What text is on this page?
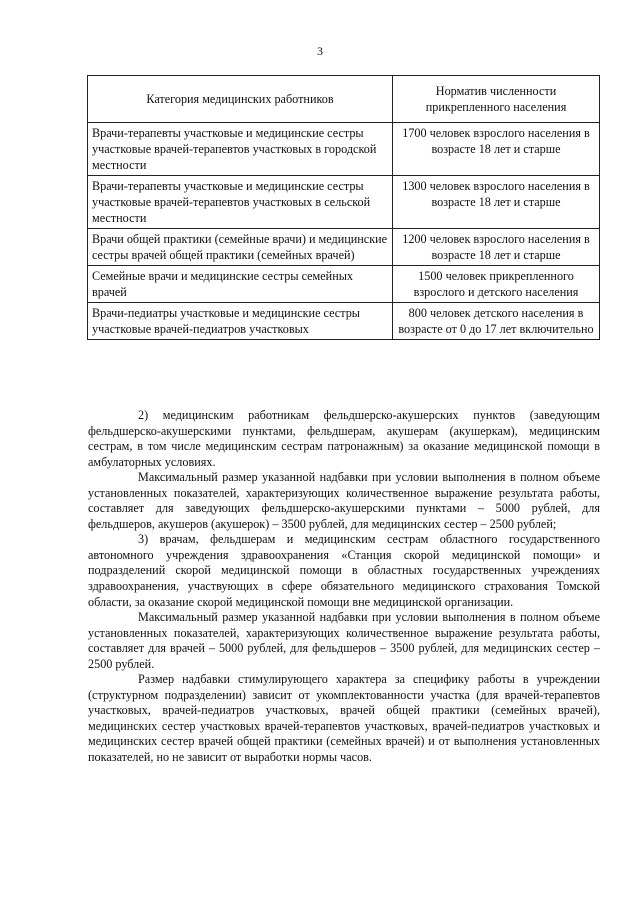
3
Категория медицинских работников	Норматив численности прикрепленного населения
Врачи-терапевты участковые и медицинские сестры участковые врачей-терапевтов участковых в городской местности	1700 человек взрослого населения в возрасте 18 лет и старше
Врачи-терапевты участковые и медицинские сестры участковые врачей-терапевтов участковых в сельской местности	1300 человек взрослого населения в возрасте 18 лет и старше
Врачи общей практики (семейные врачи) и медицинские сестры врачей общей практики (семейных врачей)	1200 человек взрослого населения в возрасте 18 лет и старше
Семейные врачи и медицинские сестры семейных врачей	1500 человек прикрепленного взрослого и детского населения
Врачи-педиатры участковые и медицинские сестры участковые врачей-педиатров участковых	800 человек детского населения в возрасте от 0 до 17 лет включительно

2) медицинским работникам фельдшерско-акушерских пунктов (заведующим фельдшерско-акушерскими пунктами, фельдшерам, акушерам (акушеркам), медицинским сестрам, в том числе медицинским сестрам патронажным) за оказание медицинской помощи в амбулаторных условиях.

Максимальный размер указанной надбавки при условии выполнения в полном объеме установленных показателей, характеризующих количественное выражение результата работы, составляет для заведующих фельдшерско-акушерскими пунктами – 5000 рублей, для фельдшеров, акушеров (акушерок) – 3500 рублей, для медицинских сестер – 2500 рублей;

3) врачам, фельдшерам и медицинским сестрам областного государственного автономного учреждения здравоохранения «Станция скорой медицинской помощи» и подразделений скорой медицинской помощи в областных государственных учреждениях здравоохранения, участвующих в сфере обязательного медицинского страхования Томской области, за оказание скорой медицинской помощи вне медицинской организации.

Максимальный размер указанной надбавки при условии выполнения в полном объеме установленных показателей, характеризующих количественное выражение результата работы, составляет для врачей – 5000 рублей, для фельдшеров – 3500 рублей, для медицинских сестер – 2500 рублей.

Размер надбавки стимулирующего характера за специфику работы в учреждении (структурном подразделении) зависит от укомплектованности участка (для врачей-терапевтов участковых, врачей-педиатров участковых, врачей общей практики (семейных врачей), медицинских сестер участковых врачей-терапевтов участковых, врачей-педиатров участковых и медицинских сестер врачей общей практики (семейных врачей) и от выполнения установленных показателей, но не зависит от выработки нормы часов.
